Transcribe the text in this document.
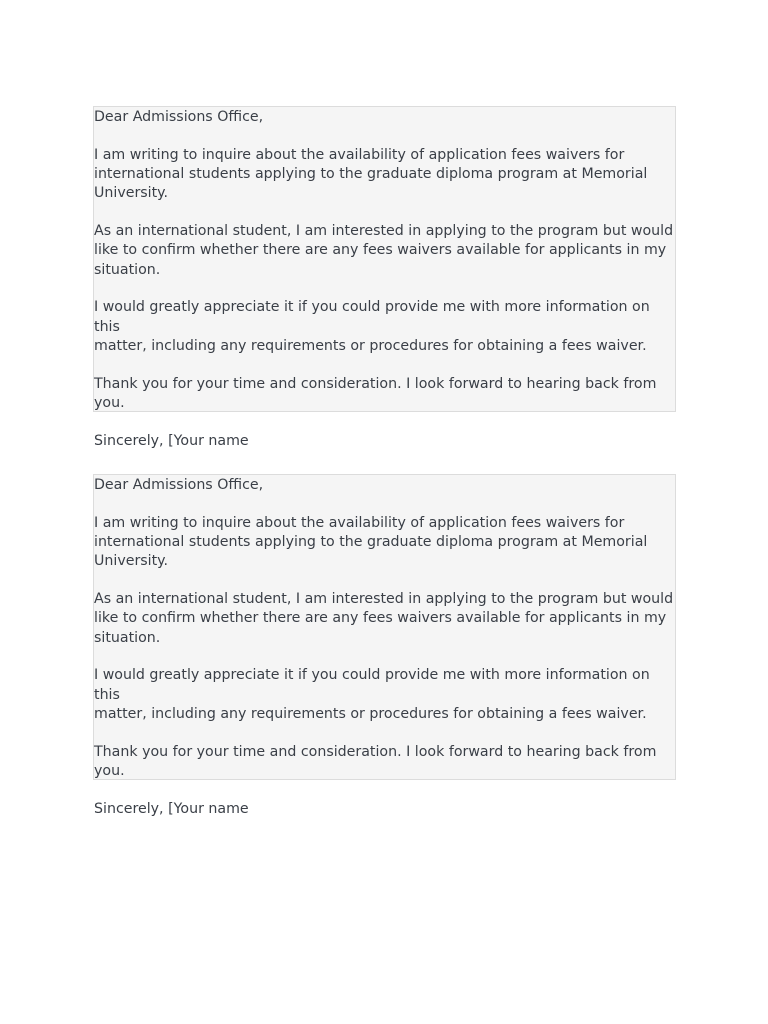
Dear Admissions Office,

I am writing to inquire about the availability of application fees waivers for
international students applying to the graduate diploma program at Memorial
University.

As an international student, I am interested in applying to the program but would
like to confirm whether there are any fees waivers available for applicants in my
situation.

I would greatly appreciate it if you could provide me with more information on this
matter, including any requirements or procedures for obtaining a fees waiver.

Thank you for your time and consideration. I look forward to hearing back from you.

Sincerely, [Your name

Dear Admissions Office,

I am writing to inquire about the availability of application fees waivers for
international students applying to the graduate diploma program at Memorial
University.

As an international student, I am interested in applying to the program but would
like to confirm whether there are any fees waivers available for applicants in my
situation.

I would greatly appreciate it if you could provide me with more information on this
matter, including any requirements or procedures for obtaining a fees waiver.

Thank you for your time and consideration. I look forward to hearing back from you.

Sincerely, [Your name
